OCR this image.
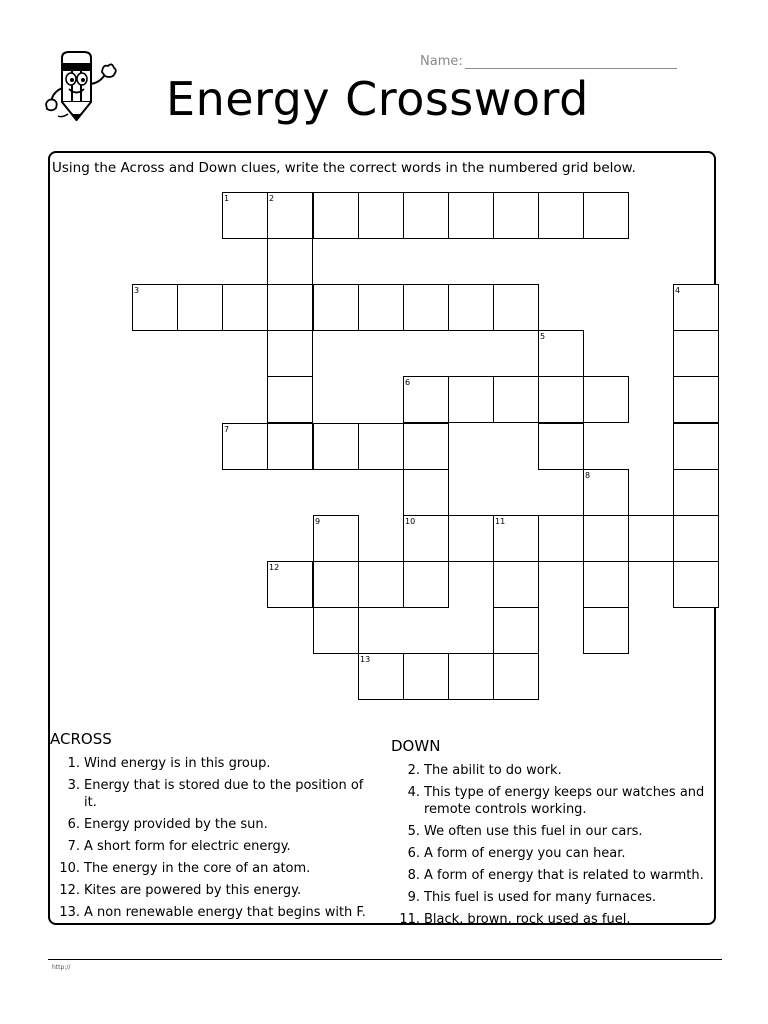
Name:
Energy Crossword
Using the Across and Down clues, write the correct words in the numbered grid below.
1	2
3	4
5
6
7
8
9	10	11
12
13
ACROSS
1. Wind energy is in this group.
3. Energy that is stored due to the position of it.
6. Energy provided by the sun.
7. A short form for electric energy.
10. The energy in the core of an atom.
12. Kites are powered by this energy.
13. A non renewable energy that begins with F.
DOWN
2. The abilit to do work.
4. This type of energy keeps our watches and remote controls working.
5. We often use this fuel in our cars.
6. A form of energy you can hear.
8. A form of energy that is related to warmth.
9. This fuel is used for many furnaces.
11. Black, brown, rock used as fuel.
http://
